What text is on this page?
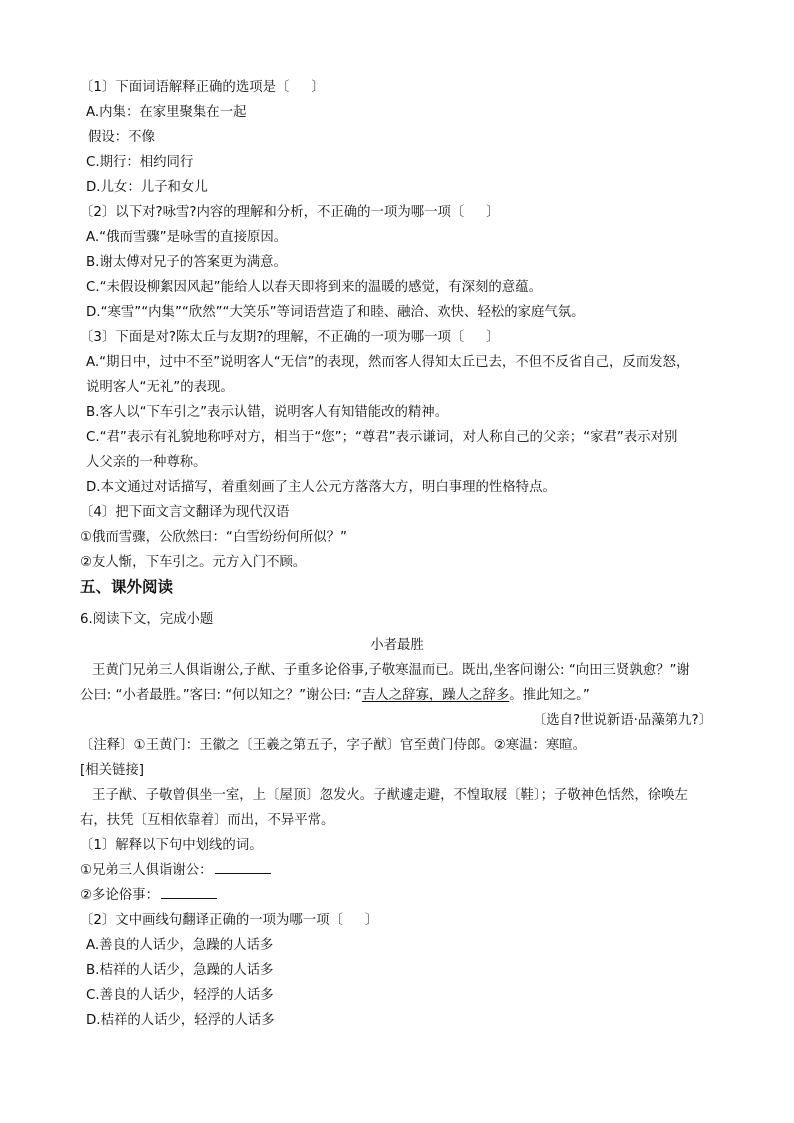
〔1〕下面词语解释正确的选项是〔 　 〕
A.内集：在家里聚集在一起
假设：不像
C.期行：相约同行
D.儿女：儿子和女儿
〔2〕以下对?咏雪?内容的理解和分析，不正确的一项为哪一项〔 　 〕
A.“俄而雪骤”是咏雪的直接原因。
B.谢太傅对兄子的答案更为满意。
C.“未假设柳絮因风起”能给人以春天即将到来的温暖的感觉，有深刻的意蕴。
D.“寒雪”“内集”“欣然”“大笑乐”等词语营造了和睦、融洽、欢快、轻松的家庭气氛。
〔3〕下面是对?陈太丘与友期?的理解，不正确的一项为哪一项〔 　 〕
A.“期日中，过中不至”说明客人“无信”的表现，然而客人得知太丘已去，不但不反省自己，反而发怒，
说明客人“无礼”的表现。
B.客人以“下车引之”表示认错，说明客人有知错能改的精神。
C.“君”表示有礼貌地称呼对方，相当于“您”；“尊君”表示谦词，对人称自己的父亲；“家君”表示对别
人父亲的一种尊称。
D.本文通过对话描写，着重刻画了主人公元方落落大方，明白事理的性格特点。
〔4〕把下面文言文翻译为现代汉语
①俄而雪骤，公欣然曰：“白雪纷纷何所似？”
②友人惭，下车引之。元方入门不顾。
五、课外阅读
6.阅读下文，完成小题
小者最胜
王黄门兄弟三人俱诣谢公,子猷、子重多论俗事,子敬寒温而已。既出,坐客问谢公: “向田三贤孰愈？”谢
公曰: “小者最胜。”客曰: “何以知之？”谢公曰: “吉人之辞寡，躁人之辞多。推此知之。”
〔选自?世说新语·品藻第九?〕
〔注释〕①王黄门：王徽之〔王羲之第五子，字子猷〕官至黄门侍郎。②寒温：寒暄。
[相关链接]
王子猷、子敬曾俱坐一室，上〔屋顶〕忽发火。子猷遽走避，不惶取屐〔鞋〕；子敬神色恬然，徐唤左
右，扶凭〔互相依靠着〕而出，不异平常。
〔1〕解释以下句中划线的词。
①兄弟三人俱诣谢公：
②多论俗事：
〔2〕文中画线句翻译正确的一项为哪一项〔 　 〕
A.善良的人话少，急躁的人话多
B.桔祥的人话少，急躁的人话多
C.善良的人话少，轻浮的人话多
D.桔祥的人话少，轻浮的人话多
